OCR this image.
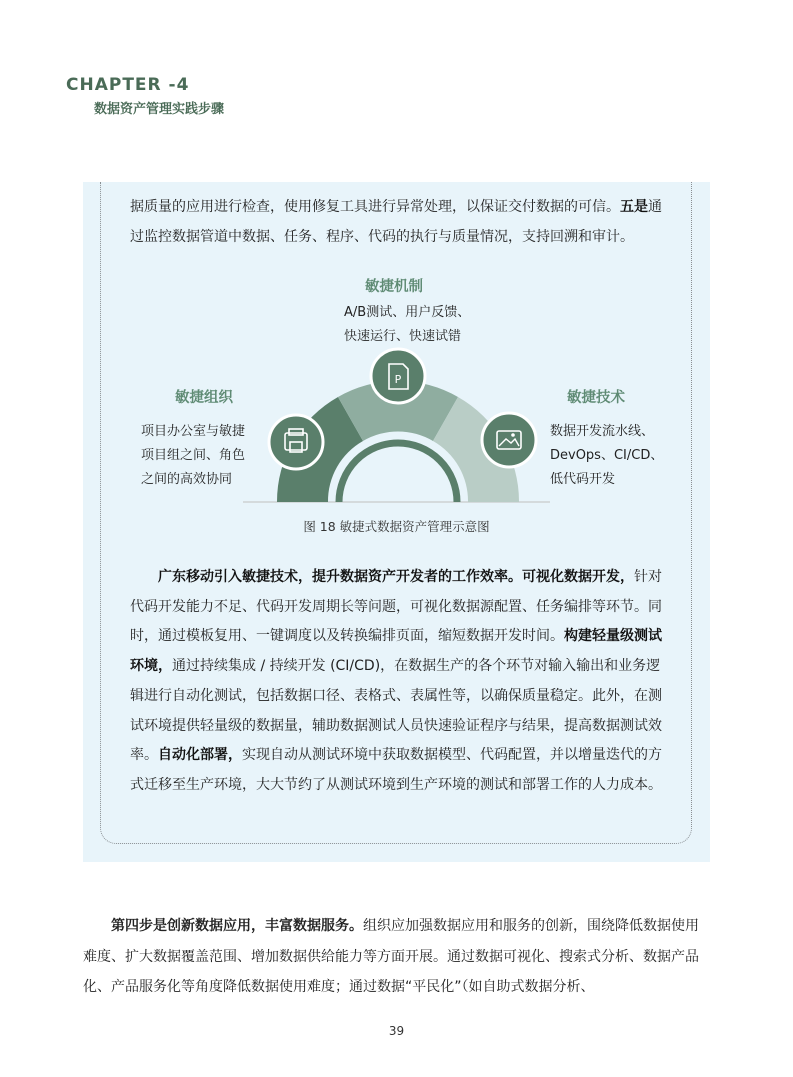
CHAPTER -4
数据资产管理实践步骤
据质量的应用进行检查，使用修复工具进行异常处理，以保证交付数据的可信。五是通过监控数据管道中数据、任务、程序、代码的执行与质量情况，支持回溯和审计。
P
敏捷机制
A/B测试、用户反馈、
快速运行、快速试错
敏捷组织
项目办公室与敏捷
项目组之间、角色
之间的高效协同
敏捷技术
数据开发流水线、
DevOps、CI/CD、
低代码开发
图 18 敏捷式数据资产管理示意图
广东移动引入敏捷技术，提升数据资产开发者的工作效率。可视化数据开发，针对代码开发能力不足、代码开发周期长等问题，可视化数据源配置、任务编排等环节。同时，通过模板复用、一键调度以及转换编排页面，缩短数据开发时间。构建轻量级测试环境，通过持续集成 / 持续开发 (CI/CD)，在数据生产的各个环节对输入输出和业务逻辑进行自动化测试，包括数据口径、表格式、表属性等，以确保质量稳定。此外，在测试环境提供轻量级的数据量，辅助数据测试人员快速验证程序与结果，提高数据测试效率。自动化部署，实现自动从测试环境中获取数据模型、代码配置，并以增量迭代的方式迁移至生产环境，大大节约了从测试环境到生产环境的测试和部署工作的人力成本。
第四步是创新数据应用，丰富数据服务。组织应加强数据应用和服务的创新，围绕降低数据使用难度、扩大数据覆盖范围、增加数据供给能力等方面开展。通过数据可视化、搜索式分析、数据产品化、产品服务化等角度降低数据使用难度；通过数据“平民化”（如自助式数据分析、
39
